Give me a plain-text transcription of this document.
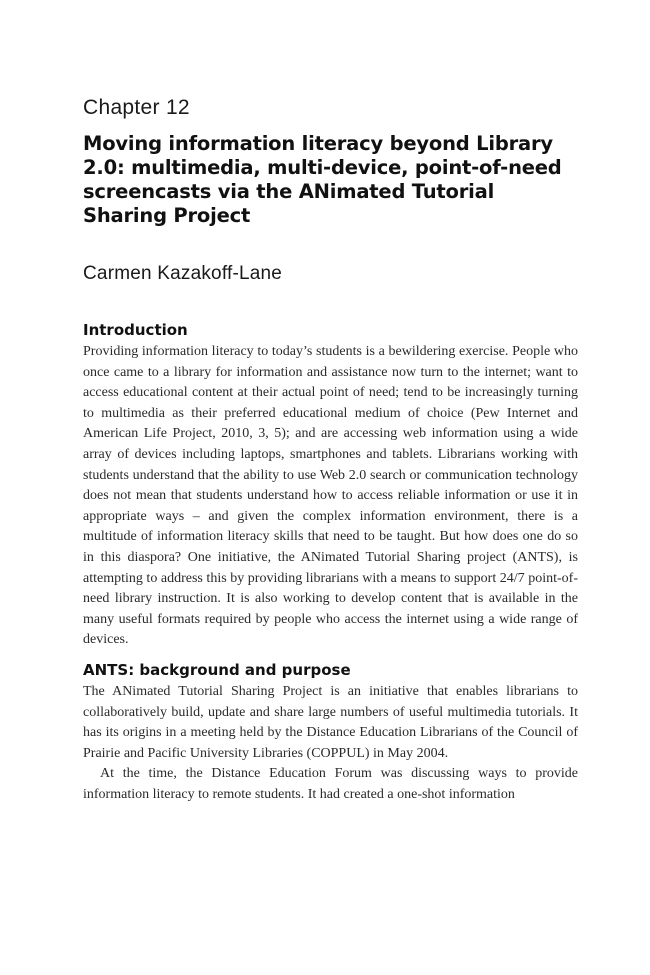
Chapter 12
Moving information literacy beyond Library 2.0: multimedia, multi-device, point-of-need screencasts via the ANimated Tutorial Sharing Project
Carmen Kazakoff-Lane
Introduction

Providing information literacy to today’s students is a bewildering exercise. People who once came to a library for information and assistance now turn to the internet; want to access educational content at their actual point of need; tend to be increasingly turning to multimedia as their preferred educational medium of choice (Pew Internet and American Life Project, 2010, 3, 5); and are accessing web information using a wide array of devices including laptops, smartphones and tablets. Librarians working with students understand that the ability to use Web 2.0 search or communication technology does not mean that students understand how to access reliable information or use it in appropriate ways – and given the complex information environment, there is a multitude of information literacy skills that need to be taught. But how does one do so in this diaspora? One initiative, the ANimated Tutorial Sharing project (ANTS), is attempting to address this by providing librarians with a means to support 24/7 point-of-need library instruction. It is also working to develop content that is available in the many useful formats required by people who access the internet using a wide range of devices.

ANTS: background and purpose

The ANimated Tutorial Sharing Project is an initiative that enables librarians to collaboratively build, update and share large numbers of useful multimedia tutorials. It has its origins in a meeting held by the Distance Education Librarians of the Council of Prairie and Pacific University Libraries (COPPUL) in May 2004.

At the time, the Distance Education Forum was discussing ways to provide information literacy to remote students. It had created a one-shot information
